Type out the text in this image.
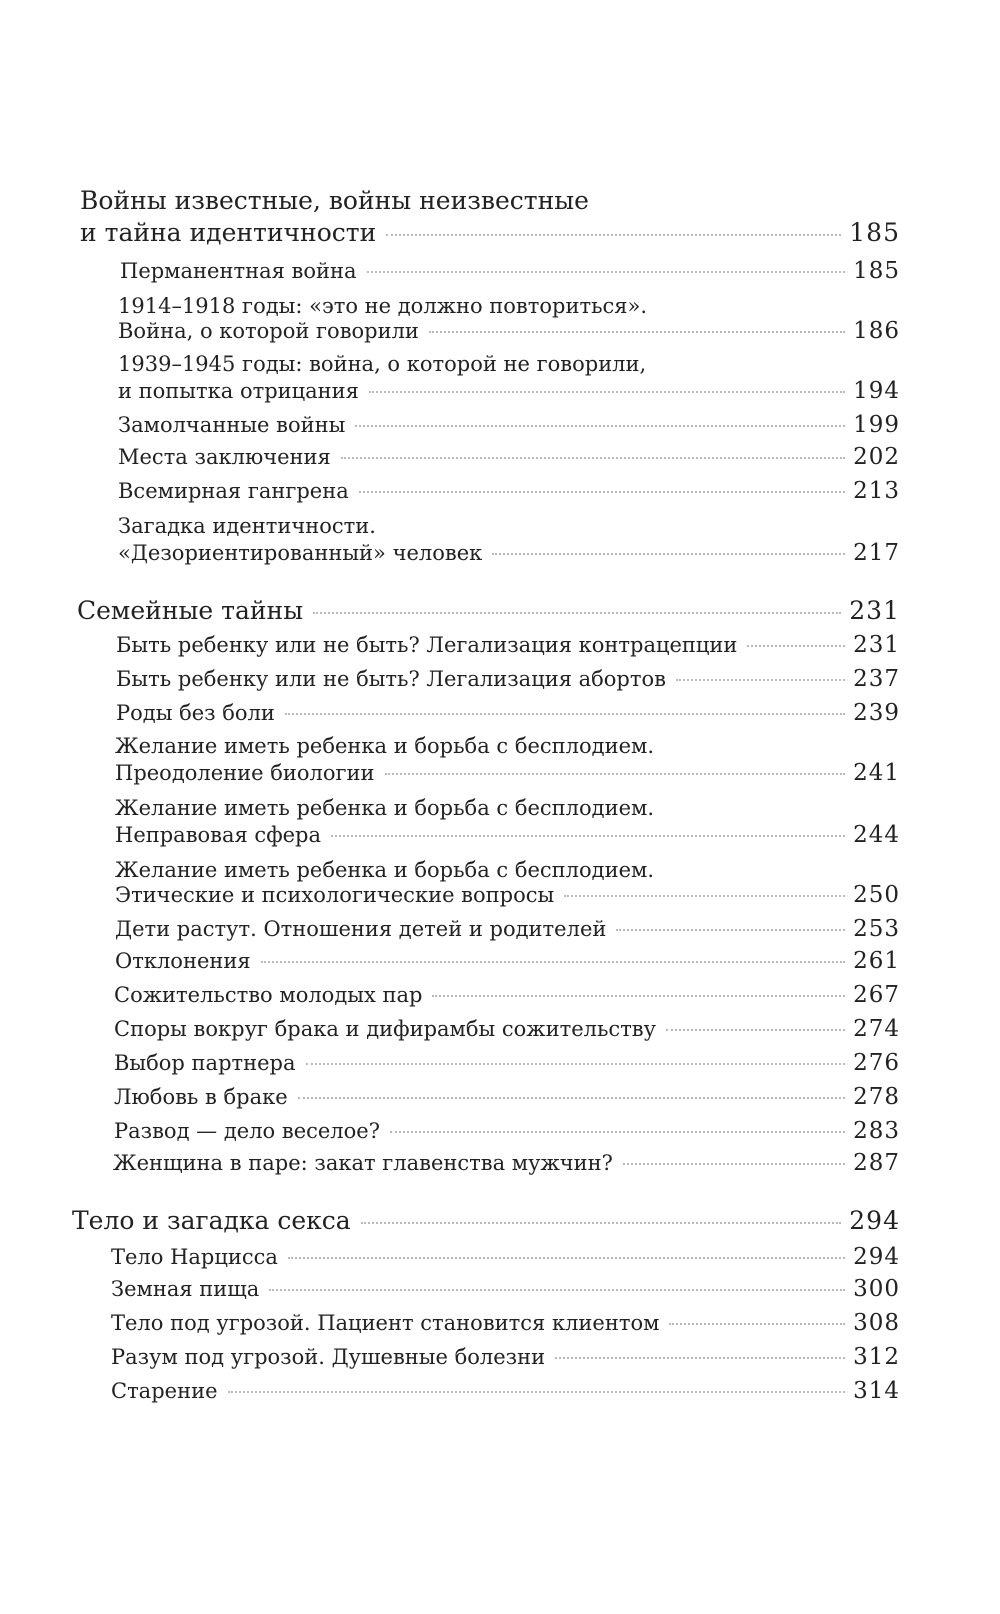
Войны известные, войны неизвестные
и тайна идентичности	185
Перманентная война	185
1914–1918 годы: «это не должно повториться».
Война, о которой говорили	186
1939–1945 годы: война, о которой не говорили,
и попытка отрицания	194
Замолчанные войны	199
Места заключения	202
Всемирная гангрена	213
Загадка идентичности.
«Дезориентированный» человек	217
Семейные тайны	231
Быть ребенку или не быть? Легализация контрацепции	231
Быть ребенку или не быть? Легализация абортов	237
Роды без боли	239
Желание иметь ребенка и борьба с бесплодием.
Преодоление биологии	241
Желание иметь ребенка и борьба с бесплодием.
Неправовая сфера	244
Желание иметь ребенка и борьба с бесплодием.
Этические и психологические вопросы	250
Дети растут. Отношения детей и родителей	253
Отклонения	261
Сожительство молодых пар	267
Споры вокруг брака и дифирамбы сожительству	274
Выбор партнера	276
Любовь в браке	278
Развод — дело веселое?	283
Женщина в паре: закат главенства мужчин?	287
Тело и загадка секса	294
Тело Нарцисса	294
Земная пища	300
Тело под угрозой. Пациент становится клиентом	308
Разум под угрозой. Душевные болезни	312
Старение	314
